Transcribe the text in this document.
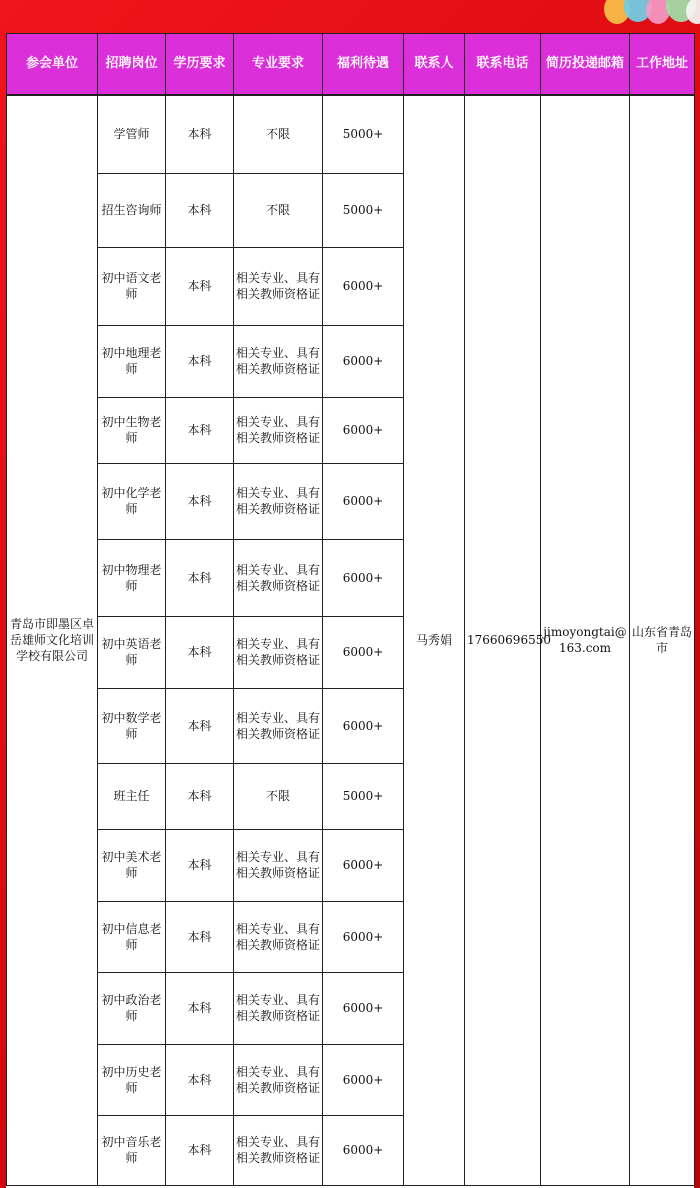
参会单位	招聘岗位	学历要求	专业要求	福利待遇	联系人	联系电话	简历投递邮箱	工作地址
青岛市即墨区卓岳雄师文化培训学校有限公司	学管师	本科	不限	5000+	马秀娟	17660696550	jimoyongtai@163.com	山东省青岛市
	招生咨询师	本科	不限	5000+				
	初中语文老师	本科	相关专业、具有相关教师资格证	6000+				
	初中地理老师	本科	相关专业、具有相关教师资格证	6000+				
	初中生物老师	本科	相关专业、具有相关教师资格证	6000+				
	初中化学老师	本科	相关专业、具有相关教师资格证	6000+				
	初中物理老师	本科	相关专业、具有相关教师资格证	6000+				
	初中英语老师	本科	相关专业、具有相关教师资格证	6000+				
	初中数学老师	本科	相关专业、具有相关教师资格证	6000+				
	班主任	本科	不限	5000+				
	初中美术老师	本科	相关专业、具有相关教师资格证	6000+				
	初中信息老师	本科	相关专业、具有相关教师资格证	6000+				
	初中政治老师	本科	相关专业、具有相关教师资格证	6000+				
	初中历史老师	本科	相关专业、具有相关教师资格证	6000+				
	初中音乐老师	本科	相关专业、具有相关教师资格证	6000+				
